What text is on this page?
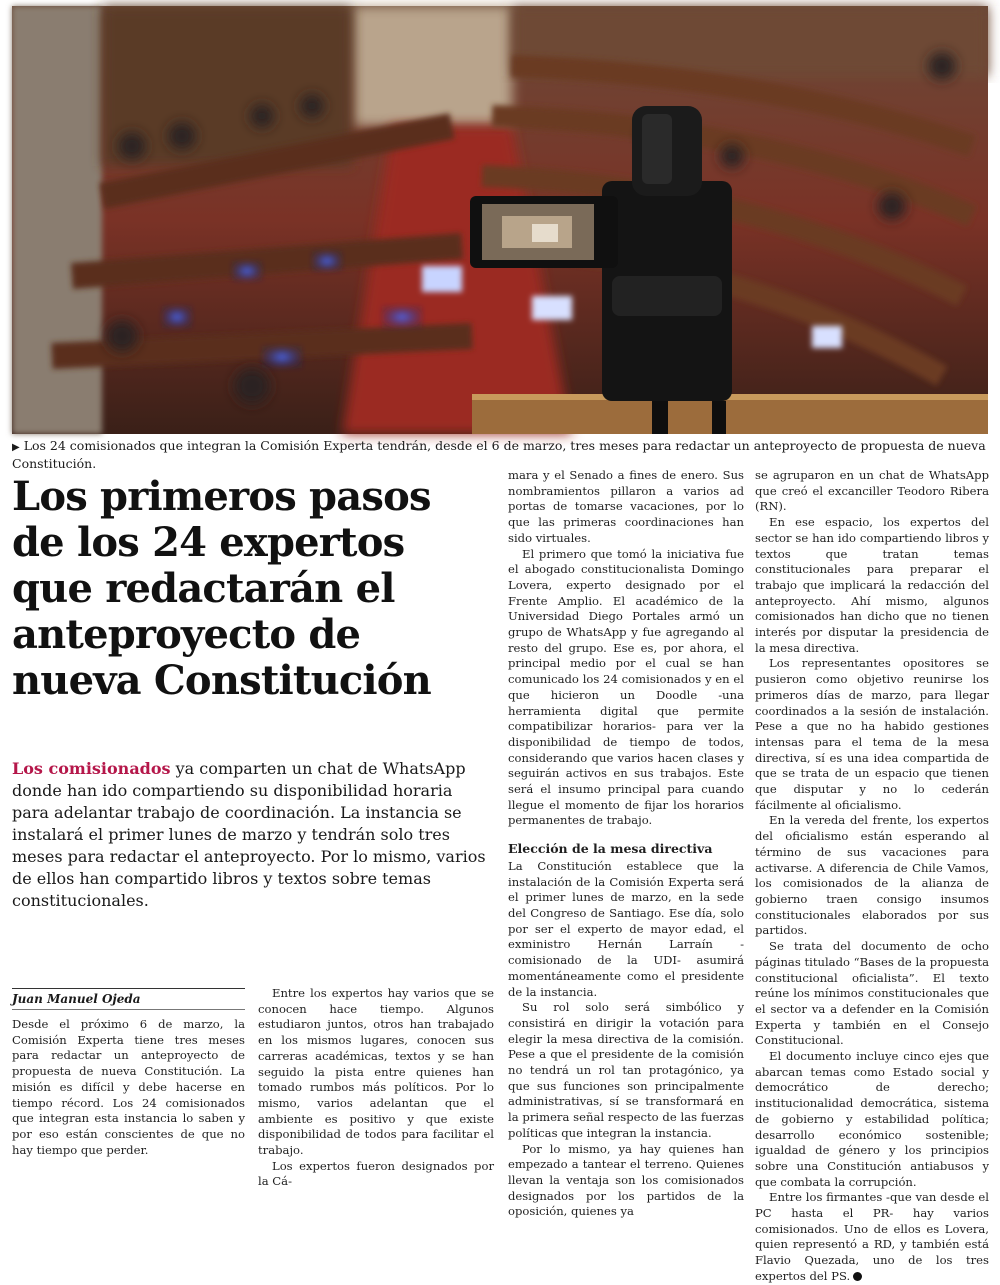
▶ Los 24 comisionados que integran la Comisión Experta tendrán, desde el 6 de marzo, tres meses para redactar un anteproyecto de propuesta de nueva Constitución.
Los primeros pasos de los 24 expertos que redactarán el anteproyecto de nueva Constitución
Los comisionados ya comparten un chat de WhatsApp donde han ido compartiendo su disponibilidad horaria para adelantar trabajo de coordinación. La instancia se instalará el primer lunes de marzo y tendrán solo tres meses para redactar el anteproyecto. Por lo mismo, varios de ellos han compartido libros y textos sobre temas constitucionales.
Juan Manuel Ojeda

Desde el próximo 6 de marzo, la Comisión Experta tiene tres meses para redactar un anteproyecto de propuesta de nueva Constitución. La misión es difícil y debe hacerse en tiempo récord. Los 24 comisionados que integran esta instancia lo saben y por eso están conscientes de que no hay tiempo que perder.

Entre los expertos hay varios que se conocen hace tiempo. Algunos estudiaron juntos, otros han trabajado en los mismos lugares, conocen sus carreras académicas, textos y se han seguido la pista entre quienes han tomado rumbos más políticos. Por lo mismo, varios adelantan que el ambiente es positivo y que existe disponibilidad de todos para facilitar el trabajo.

Los expertos fueron designados por la Cá-

mara y el Senado a fines de enero. Sus nombramientos pillaron a varios ad portas de tomarse vacaciones, por lo que las primeras coordinaciones han sido virtuales.

El primero que tomó la iniciativa fue el abogado constitucionalista Domingo Lovera, experto designado por el Frente Amplio. El académico de la Universidad Diego Portales armó un grupo de WhatsApp y fue agregando al resto del grupo. Ese es, por ahora, el principal medio por el cual se han comunicado los 24 comisionados y en el que hicieron un Doodle -una herramienta digital que permite compatibilizar horarios- para ver la disponibilidad de tiempo de todos, considerando que varios hacen clases y seguirán activos en sus trabajos. Este será el insumo principal para cuando llegue el momento de fijar los horarios permanentes de trabajo.

Elección de la mesa directiva

La Constitución establece que la instalación de la Comisión Experta será el primer lunes de marzo, en la sede del Congreso de Santiago. Ese día, solo por ser el experto de mayor edad, el exministro Hernán Larraín -comisionado de la UDI- asumirá momentáneamente como el presidente de la instancia.

Su rol solo será simbólico y consistirá en dirigir la votación para elegir la mesa directiva de la comisión. Pese a que el presidente de la comisión no tendrá un rol tan protagónico, ya que sus funciones son principalmente administrativas, sí se transformará en la primera señal respecto de las fuerzas políticas que integran la instancia.

Por lo mismo, ya hay quienes han empezado a tantear el terreno. Quienes llevan la ventaja son los comisionados designados por los partidos de la oposición, quienes ya

se agruparon en un chat de WhatsApp que creó el excanciller Teodoro Ribera (RN).

En ese espacio, los expertos del sector se han ido compartiendo libros y textos que tratan temas constitucionales para preparar el trabajo que implicará la redacción del anteproyecto. Ahí mismo, algunos comisionados han dicho que no tienen interés por disputar la presidencia de la mesa directiva.

Los representantes opositores se pusieron como objetivo reunirse los primeros días de marzo, para llegar coordinados a la sesión de instalación. Pese a que no ha habido gestiones intensas para el tema de la mesa directiva, sí es una idea compartida de que se trata de un espacio que tienen que disputar y no lo cederán fácilmente al oficialismo.

En la vereda del frente, los expertos del oficialismo están esperando al término de sus vacaciones para activarse. A diferencia de Chile Vamos, los comisionados de la alianza de gobierno traen consigo insumos constitucionales elaborados por sus partidos.

Se trata del documento de ocho páginas titulado “Bases de la propuesta constitucional oficialista”. El texto reúne los mínimos constitucionales que el sector va a defender en la Comisión Experta y también en el Consejo Constitucional.

El documento incluye cinco ejes que abarcan temas como Estado social y democrático de derecho; institucionalidad democrática, sistema de gobierno y estabilidad política; desarrollo económico sostenible; igualdad de género y los principios sobre una Constitución antiabusos y que combata la corrupción.

Entre los firmantes -que van desde el PC hasta el PR- hay varios comisionados. Uno de ellos es Lovera, quien representó a RD, y también está Flavio Quezada, uno de los tres expertos del PS.
